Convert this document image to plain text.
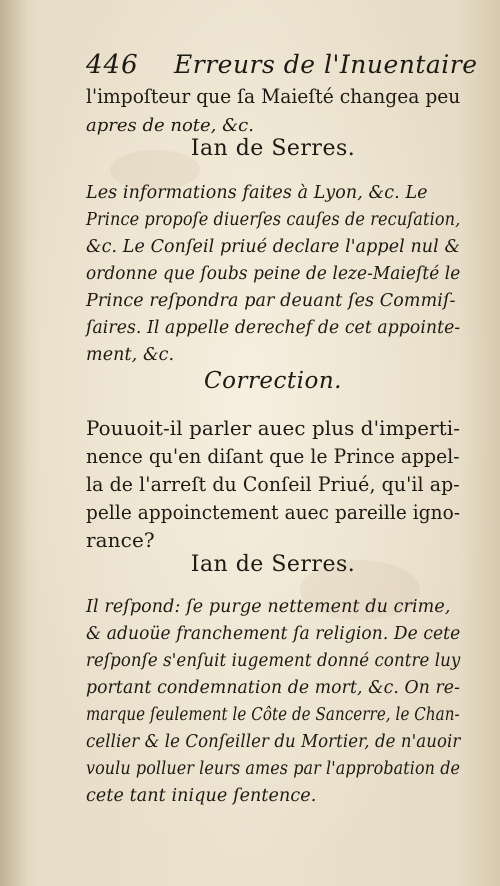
446 Erreurs de l'Inuentaire
l'impoſteur que ſa Maieſté changea peu
apres de note, &c.
Ian de Serres.
Les informations faites à Lyon, &c. Le
Prince propoſe diuerſes cauſes de recuſation,
&c. Le Conſeil priué declare l'appel nul &
ordonne que ſoubs peine de leze-Maieſté le
Prince reſpondra par deuant ſes Commiſ-
ſaires. Il appelle derechef de cet appointe-
ment, &c.
Correction.
Pouuoit-il parler auec plus d'imperti-
nence qu'en diſant que le Prince appel-
la de l'arreſt du Conſeil Priué, qu'il ap-
pelle appoinctement auec pareille igno-
rance?
Ian de Serres.
Il reſpond: ſe purge nettement du crime,
& aduoüe franchement ſa religion. De cete
reſponſe s'enſuit iugement donné contre luy
portant condemnation de mort, &c. On re-
marque ſeulement le Côte de Sancerre, le Chan-
cellier & le Conſeiller du Mortier, de n'auoir
voulu polluer leurs ames par l'approbation de
cete tant inique ſentence.
